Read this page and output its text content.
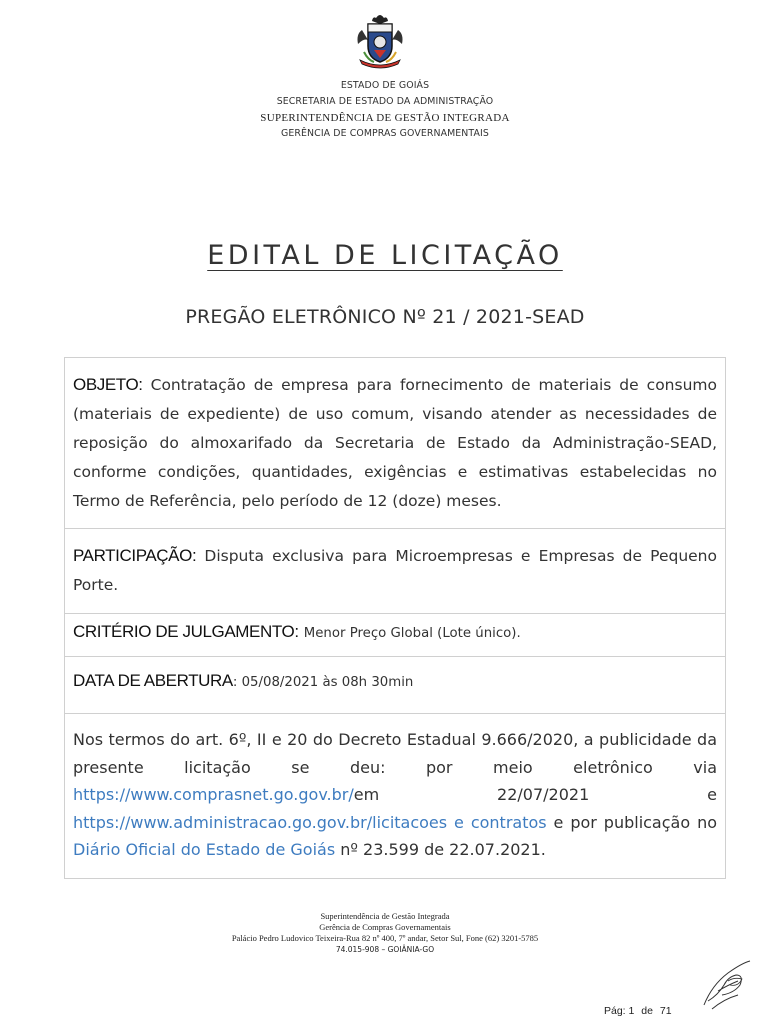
ESTADO DE GOIÁS
SECRETARIA DE ESTADO DA ADMINISTRAÇÃO
SUPERINTENDÊNCIA DE GESTÃO INTEGRADA
GERÊNCIA DE COMPRAS GOVERNAMENTAIS
EDITAL DE LICITAÇÃO
PREGÃO ELETRÔNICO Nº 21 / 2021-SEAD
OBJETO: Contratação de empresa para fornecimento de materiais de consumo (materiais de expediente) de uso comum, visando atender as necessidades de reposição do almoxarifado da Secretaria de Estado da Administração-SEAD, conforme condições, quantidades, exigências e estimativas estabelecidas no Termo de Referência, pelo período de 12 (doze) meses.
PARTICIPAÇÃO: Disputa exclusiva para Microempresas e Empresas de Pequeno Porte.
CRITÉRIO DE JULGAMENTO: Menor Preço Global (Lote único).
DATA DE ABERTURA: 05/08/2021 às 08h 30min
Nos termos do art. 6º, II e 20 do Decreto Estadual 9.666/2020, a publicidade da presente licitação se deu: por meio eletrônico via https://www.comprasnet.go.gov.br/em 22/07/2021 e https://www.administracao.go.gov.br/licitacoes e contratos e por publicação no Diário Oficial do Estado de Goiás nº 23.599 de 22.07.2021.
Superintendência de Gestão Integrada
Gerência de Compras Governamentais
Palácio Pedro Ludovico Teixeira-Rua 82 nº 400, 7º andar, Setor Sul, Fone (62) 3201-5785
74.015-908 – GOIÂNIA-GO
Pág: 1 de 71
